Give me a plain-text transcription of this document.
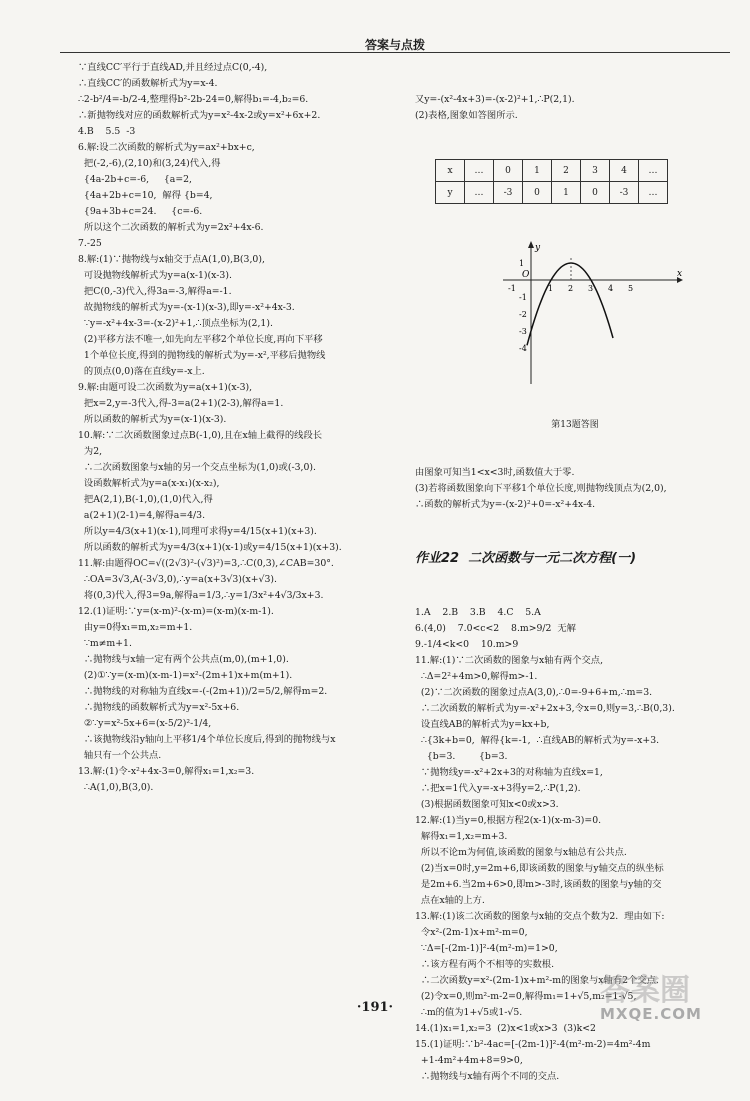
答案与点拨
∵直线CC′平行于直线AD,并且经过点C(0,-4),
∴直线CC′的函数解析式为y=x-4.
∴2-b²/4=-b/2-4,整理得b²-2b-24=0,解得b₁=-4,b₂=6.
∴新抛物线对应的函数解析式为y=x²-4x-2或y=x²+6x+2.
4.B    5.5  -3
6.解:设二次函数的解析式为y=ax²+bx+c,
把(-2,-6),(2,10)和(3,24)代入,得
{4a-2b+c=-6,     {a=2,
{4a+2b+c=10,  解得 {b=4,
{9a+3b+c=24.     {c=-6.
所以这个二次函数的解析式为y=2x²+4x-6.
7.-25
8.解:(1)∵抛物线与x轴交于点A(1,0),B(3,0),
可设抛物线解析式为y=a(x-1)(x-3).
把C(0,-3)代入,得3a=-3,解得a=-1.
故抛物线的解析式为y=-(x-1)(x-3),即y=-x²+4x-3.
∵y=-x²+4x-3=-(x-2)²+1,∴顶点坐标为(2,1).
(2)平移方法不唯一,如先向左平移2个单位长度,再向下平移
1个单位长度,得到的抛物线的解析式为y=-x²,平移后抛物线
的顶点(0,0)落在直线y=-x上.
9.解:由题可设二次函数为y=a(x+1)(x-3),
把x=2,y=-3代入,得-3=a(2+1)(2-3),解得a=1.
所以函数的解析式为y=(x-1)(x-3).
10.解:∵二次函数图象过点B(-1,0),且在x轴上截得的线段长
为2,
∴二次函数图象与x轴的另一个交点坐标为(1,0)或(-3,0).
设函数解析式为y=a(x-x₁)(x-x₂),
把A(2,1),B(-1,0),(1,0)代入,得
a(2+1)(2-1)=4,解得a=4/3.
所以y=4/3(x+1)(x-1),同理可求得y=4/15(x+1)(x+3).
所以函数的解析式为y=4/3(x+1)(x-1)或y=4/15(x+1)(x+3).
11.解:由题得OC=√((2√3)²-(√3)²)=3,∴C(0,3),∠CAB=30°.
∴OA=3√3,A(-3√3,0),∴y=a(x+3√3)(x+√3).
将(0,3)代入,得3=9a,解得a=1/3,∴y=1/3x²+4√3/3x+3.
12.(1)证明:∵y=(x-m)²-(x-m)=(x-m)(x-m-1).
由y=0得x₁=m,x₂=m+1.
∵m≠m+1.
∴抛物线与x轴一定有两个公共点(m,0),(m+1,0).
(2)①∵y=(x-m)(x-m-1)=x²-(2m+1)x+m(m+1).
∴抛物线的对称轴为直线x=-(-(2m+1))/2=5/2,解得m=2.
∴抛物线的函数解析式为y=x²-5x+6.
②∵y=x²-5x+6=(x-5/2)²-1/4,
∴该抛物线沿y轴向上平移1/4个单位长度后,得到的抛物线与x
轴只有一个公共点.
13.解:(1)令-x²+4x-3=0,解得x₁=1,x₂=3.
∴A(1,0),B(3,0).

又y=-(x²-4x+3)=-(x-2)²+1,∴P(2,1).
(2)表格,图象如答图所示.

x	…	0	1	2	3	4	…
y	…	-3	0	1	0	-3	…

y
x
O
-1	1 2 3 4 5
1
-1
-2
-3
-4

第13题答图

由图象可知当1<x<3时,函数值大于零.
(3)若将函数图象向下平移1个单位长度,则抛物线顶点为(2,0),
∴函数的解析式为y=-(x-2)²+0=-x²+4x-4.

作业22  二次函数与一元二次方程(一)

1.A    2.B    3.B    4.C    5.A
6.(4,0)    7.0<c<2    8.m>9/2  无解
9.-1/4<k<0    10.m>9
11.解:(1)∵二次函数的图象与x轴有两个交点,
∴Δ=2²+4m>0,解得m>-1.
(2)∵二次函数的图象过点A(3,0),∴0=-9+6+m,∴m=3.
∴二次函数的解析式为y=-x²+2x+3,令x=0,则y=3,∴B(0,3).
设直线AB的解析式为y=kx+b,
∴{3k+b=0,  解得{k=-1,  ∴直线AB的解析式为y=-x+3.
{b=3.        {b=3.
∵抛物线y=-x²+2x+3的对称轴为直线x=1,
∴把x=1代入y=-x+3得y=2,∴P(1,2).
(3)根据函数图象可知x<0或x>3.
12.解:(1)当y=0,根据方程2(x-1)(x-m-3)=0.
解得x₁=1,x₂=m+3.
所以不论m为何值,该函数的图象与x轴总有公共点.
(2)当x=0时,y=2m+6,即该函数的图象与y轴交点的纵坐标
是2m+6.当2m+6>0,即m>-3时,该函数的图象与y轴的交
点在x轴的上方.
13.解:(1)该二次函数的图象与x轴的交点个数为2.  理由如下:
令x²-(2m-1)x+m²-m=0,
∵Δ=[-(2m-1)]²-4(m²-m)=1>0,
∴该方程有两个不相等的实数根.
∴二次函数y=x²-(2m-1)x+m²-m的图象与x轴有2个交点.
(2)令x=0,则m²-m-2=0,解得m₁=1+√5,m₂=1-√5,
∴m的值为1+√5或1-√5.
14.(1)x₁=1,x₂=3  (2)x<1或x>3  (3)k<2
15.(1)证明:∵b²-4ac=[-(2m-1)]²-4(m²-m-2)=4m²-4m
+1-4m²+4m+8=9>0,
∴抛物线与x轴有两个不同的交点.

·191·	答案圈
MXQE.COM
